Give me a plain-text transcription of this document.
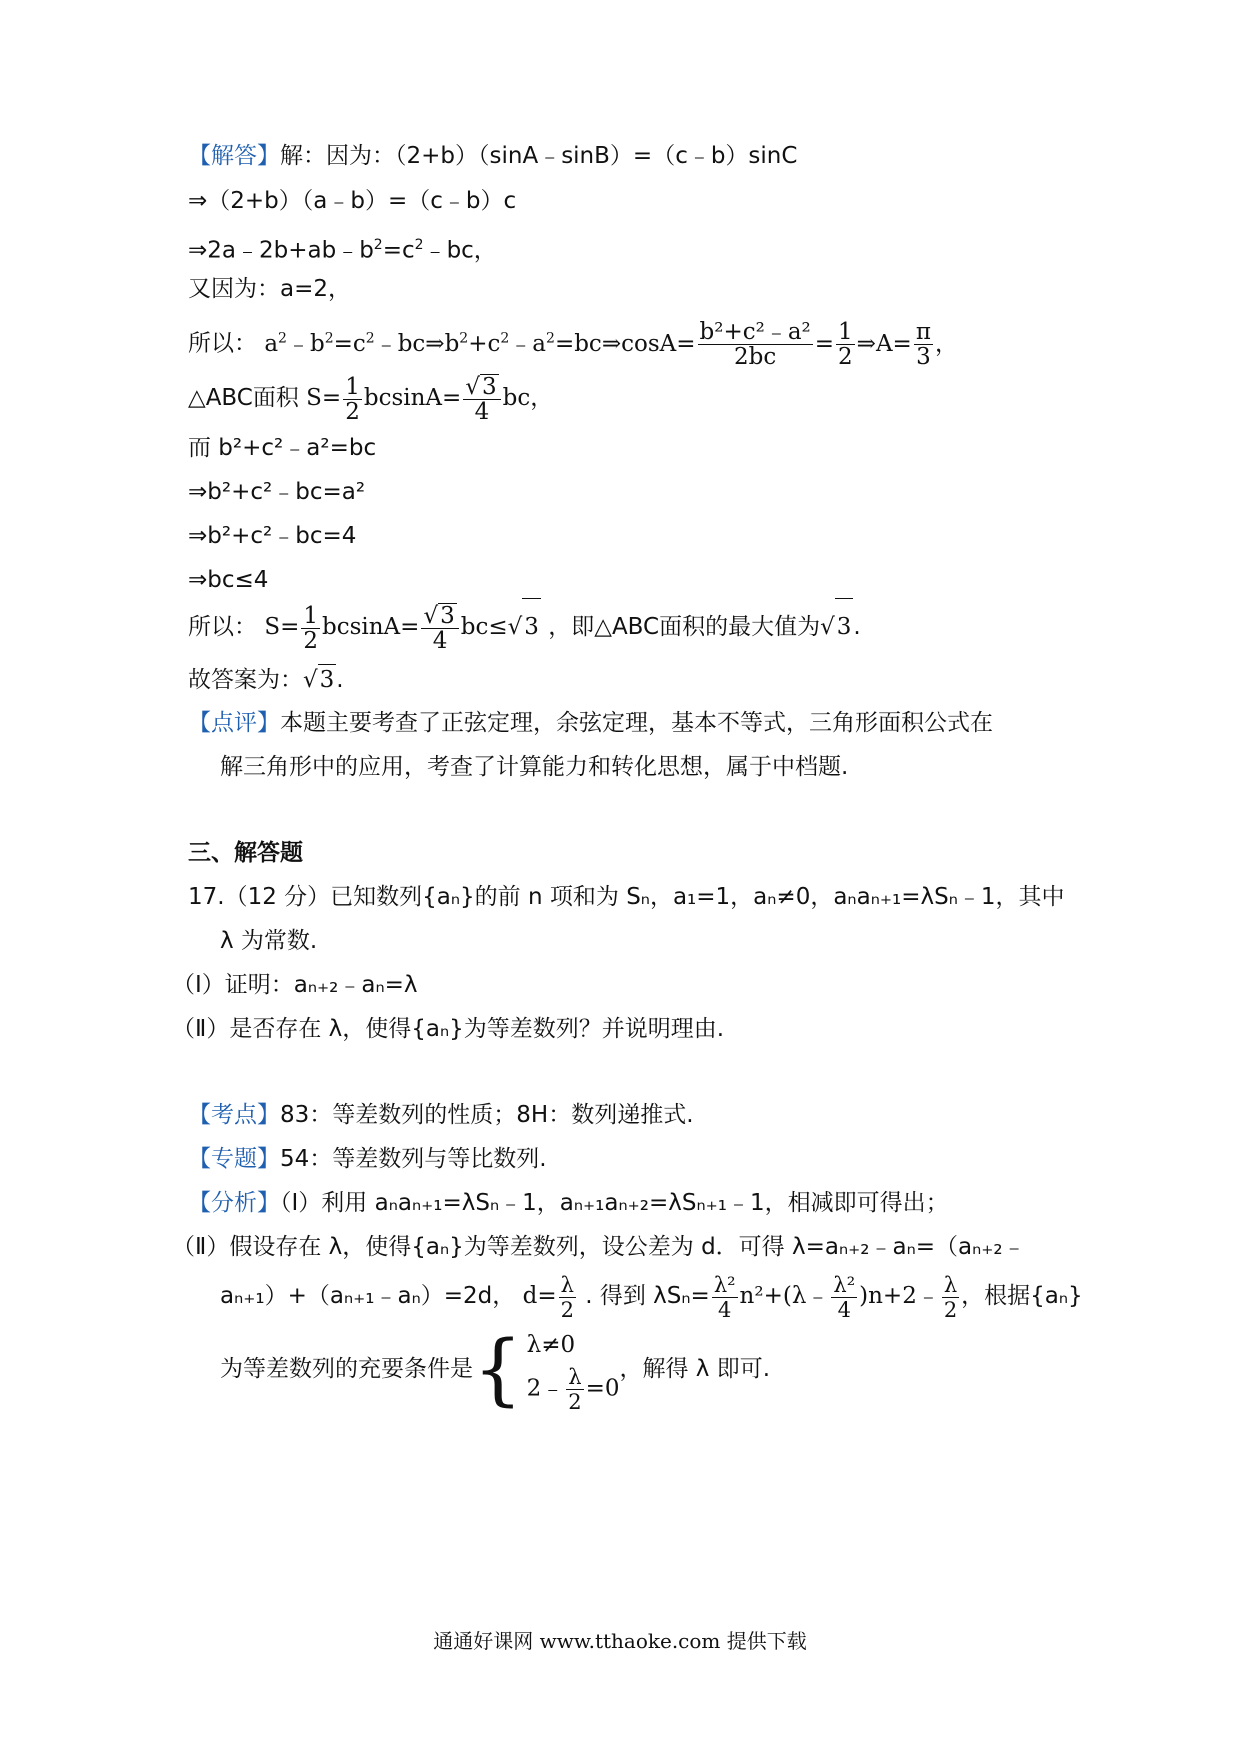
【解答】解：因为：（2+b）（sinA﹣sinB）=（c﹣b）sinC
⇒（2+b）（a﹣b）=（c﹣b）c
$\Rightarrow 2a﹣2b+ab﹣b^2=c^2﹣bc$，
又因为：a=2，
所以： $a^2﹣b^2=c^2﹣bc\Rightarrow b^2+c^2﹣a^2=bc\Rightarrow\cos A= \frac{\text{b²+c²﹣a²}}{2bc} = \frac{1}{2}$ ⇒A= $\frac{\pi}{3}$ ，
△ABC面积 $S= \frac{1}{2} bcsinA= \frac{√ 3}{4}$ bc，
而 b²+c²﹣a²=bc
⇒b²+c²﹣bc=a²
⇒b²+c²﹣bc=4
⇒bc≤4
所以： $S= \frac{1}{2} bcsinA= \frac{√ 3}{4} bc\le√$ 3 ，即△ABC面积的最大值为√ 3 .
故答案为：√ 3 .
【点评】本题主要考查了正弦定理，余弦定理，基本不等式，三角形面积公式在
解三角形中的应用，考查了计算能力和转化思想，属于中档题.
三、解答题
17.（12 分）已知数列{aₙ}的前 n 项和为 Sₙ，a₁=1，aₙ≠0，aₙaₙ₊₁=λSₙ﹣1，其中
λ 为常数.
（Ⅰ）证明：aₙ₊₂﹣aₙ=λ
（Ⅱ）是否存在 λ，使得{aₙ}为等差数列？并说明理由.
【考点】83：等差数列的性质；8H：数列递推式.
【专题】54：等差数列与等比数列.
【分析】（Ⅰ）利用 aₙaₙ₊₁=λSₙ﹣1，aₙ₊₁aₙ₊₂=λSₙ₊₁﹣1，相减即可得出；
（Ⅱ）假设存在 λ，使得{aₙ}为等差数列，设公差为 d．可得 λ=aₙ₊₂﹣aₙ=（aₙ₊₂﹣
aₙ₊₁）+（aₙ₊₁﹣aₙ）=2d， $d= \frac{\lambda}{2}$ . 得到 $\lambda S_n= \frac{\text{λ²}}{4}$ n²+(λ﹣ $\frac{\text{λ²}}{4}$ )n+2﹣ $\frac{\lambda}{2}$ ，根据{aₙ}
为等差数列的充要条件是 { λ≠0
2﹣ $\frac{\lambda}{2} =0$
，解得 λ 即可.
通通好课网 www.tthaoke.com 提供下载
